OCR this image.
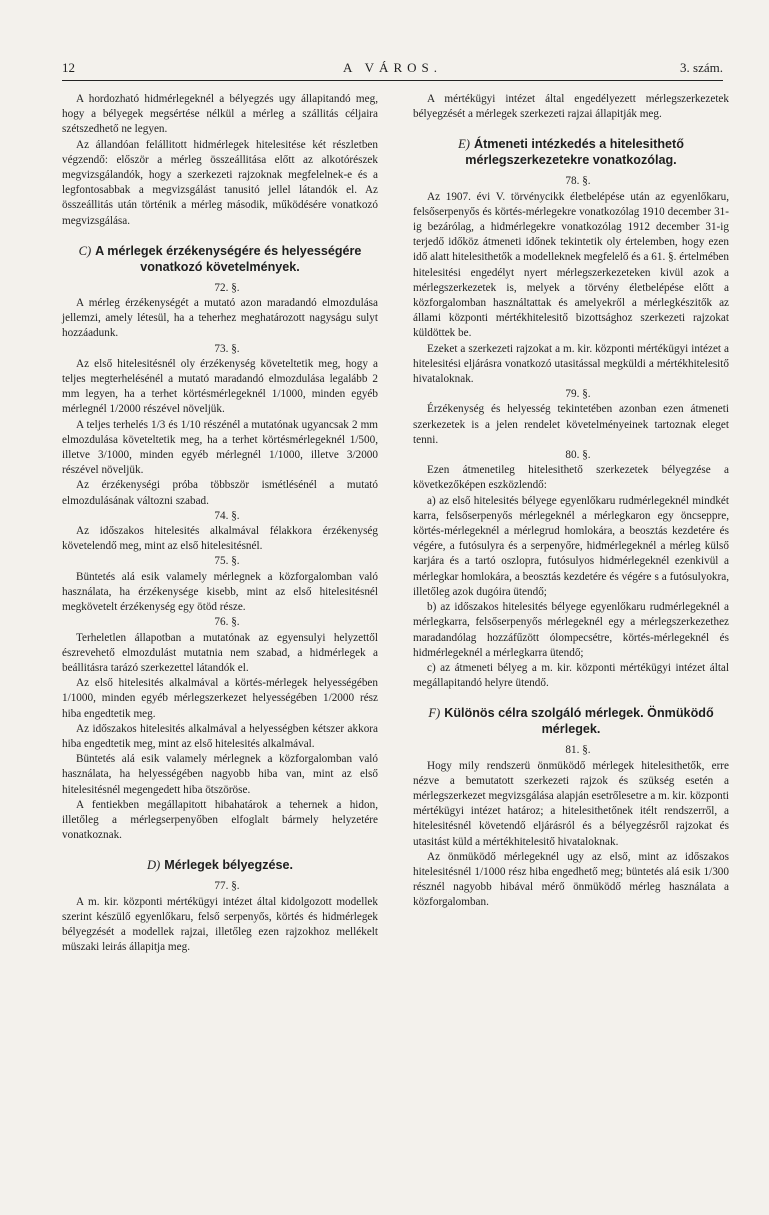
12	A VÁROS.	3. szám.

A hordozható hidmérlegeknél a bélyegzés ugy állapitandó meg, hogy a bélyegek megsértése nélkül a mérleg a szállitás céljaira szétszedhető ne legyen.

Az állandóan felállitott hidmérlegek hitelesitése két részletben végzendő: először a mérleg összeállitása előtt az alkotórészek megvizsgálandók, hogy a szerkezeti rajzoknak megfelelnek-e és a legfontosabbak a megvizsgálást tanusitó jellel látandók el. Az összeállitás után történik a mérleg második, működésére vonatkozó megvizsgálása.

C) A mérlegek érzékenységére és helyességére vonatkozó követelmények.

72. §.

A mérleg érzékenységét a mutató azon maradandó elmozdulása jellemzi, amely létesül, ha a teherhez meghatározott nagyságu sulyt hozzáadunk.

73. §.

Az első hitelesitésnél oly érzékenység követeltetik meg, hogy a teljes megterhelésénél a mutató maradandó elmozdulása legalább 2 mm legyen, ha a terhet körtésmérlegeknél 1/1000, minden egyéb mérlegnél 1/2000 részével növeljük.

A teljes terhelés 1/3 és 1/10 részénél a mutatónak ugyancsak 2 mm elmozdulása követeltetik meg, ha a terhet körtésmérlegeknél 1/500, illetve 3/1000, minden egyéb mérlegnél 1/1000, illetve 3/2000 részével növeljük.

Az érzékenységi próba többször ismétlésénél a mutató elmozdulásának változni szabad.

74. §.

Az időszakos hitelesités alkalmával félakkora érzékenység követelendő meg, mint az első hitelesitésnél.

75. §.

Büntetés alá esik valamely mérlegnek a közforgalomban való használata, ha érzékenysége kisebb, mint az első hitelesitésnél megkövetelt érzékenység egy ötöd része.

76. §.

Terheletlen állapotban a mutatónak az egyensulyi helyzettől észrevehető elmozdulást mutatnia nem szabad, a hidmérlegek a beállitásra tarázó szerkezettel látandók el.

Az első hitelesités alkalmával a körtés-mérlegek helyességében 1/1000, minden egyéb mérlegszerkezet helyességében 1/2000 rész hiba engedtetik meg.

Az időszakos hitelesités alkalmával a helyességben kétszer akkora hiba engedtetik meg, mint az első hitelesités alkalmával.

Büntetés alá esik valamely mérlegnek a közforgalomban való használata, ha helyességében nagyobb hiba van, mint az első hitelesitésnél megengedett hiba ötszöröse.

A fentiekben megállapitott hibahatárok a tehernek a hidon, illetőleg a mérlegserpenyőben elfoglalt bármely helyzetére vonatkoznak.

D) Mérlegek bélyegzése.

77. §.

A m. kir. központi mértékügyi intézet által kidolgozott modellek szerint készülő egyenlőkaru, felső serpenyős, körtés és hidmérlegek bélyegzését a modellek rajzai, illetőleg ezen rajzokhoz mellékelt müszaki leirás állapitja meg.

A mértékügyi intézet által engedélyezett mérlegszerkezetek bélyegzését a mérlegek szerkezeti rajzai állapitják meg.

E) Átmeneti intézkedés a hitelesithető mérlegszerkezetekre vonatkozólag.

78. §.

Az 1907. évi V. törvénycikk életbelépése után az egyenlőkaru, felsőserpenyős és körtés-mérlegekre vonatkozólag 1910 december 31-ig bezárólag, a hidmérlegekre vonatkozólag 1912 december 31-ig terjedő időköz átmeneti időnek tekintetik oly értelemben, hogy ezen idő alatt hitelesithetők a modelleknek megfelelő és a 61. §. értelmében hitelesitési engedélyt nyert mérlegszerkezeteken kivül azok a mérlegszerkezetek is, melyek a törvény életbelépése előtt a közforgalomban használtattak és amelyekről a mérlegkészitők az állami központi mértékhitelesitő bizottsághoz szerkezeti rajzokat küldöttek be.

Ezeket a szerkezeti rajzokat a m. kir. központi mértékügyi intézet a hitelesitési eljárásra vonatkozó utasitással megküldi a mértékhitelesitő hivataloknak.

79. §.

Érzékenység és helyesség tekintetében azonban ezen átmeneti szerkezetek is a jelen rendelet követelményeinek tartoznak eleget tenni.

80. §.

Ezen átmenetileg hitelesithető szerkezetek bélyegzése a következőképen eszközlendő:

a) az első hitelesités bélyege egyenlőkaru rudmérlegeknél mindkét karra, felsőserpenyős mérlegeknél a mérlegkaron egy öncseppre, körtés-mérlegeknél a mérlegrud homlokára, a beosztás kezdetére és végére, a futósulyra és a serpenyőre, hidmérlegeknél a mérleg külső karjára és a tartó oszlopra, futósulyos hidmérlegeknél ezenkivül a mérlegkar homlokára, a beosztás kezdetére és végére s a futósulyokra, illetőleg azok dugóira ütendő;

b) az időszakos hitelesités bélyege egyenlőkaru rudmérlegeknél a mérlegkarra, felsőserpenyős mérlegeknél egy a mérlegszerkezethez maradandólag hozzáfűzött ólompecsétre, körtés-mérlegeknél és hidmérlegeknél a mérlegkarra ütendő;

c) az átmeneti bélyeg a m. kir. központi mértékügyi intézet által megállapitandó helyre ütendő.

F) Különös célra szolgáló mérlegek. Önmüködő mérlegek.

81. §.

Hogy mily rendszerü önmüködő mérlegek hitelesithetők, erre nézve a bemutatott szerkezeti rajzok és szükség esetén a mérlegszerkezet megvizsgálása alapján esetrőlesetre a m. kir. központi mértékügyi intézet határoz; a hitelesithetőnek itélt rendszerről, a hitelesitésnél követendő eljárásról és a bélyegzésről rajzokat és utasitást küld a mértékhitelesitő hivataloknak.

Az önmüködő mérlegeknél ugy az első, mint az időszakos hitelesitésnél 1/1000 rész hiba engedhető meg; büntetés alá esik 1/300 résznél nagyobb hibával mérő önmüködő mérleg használata a közforgalomban.
